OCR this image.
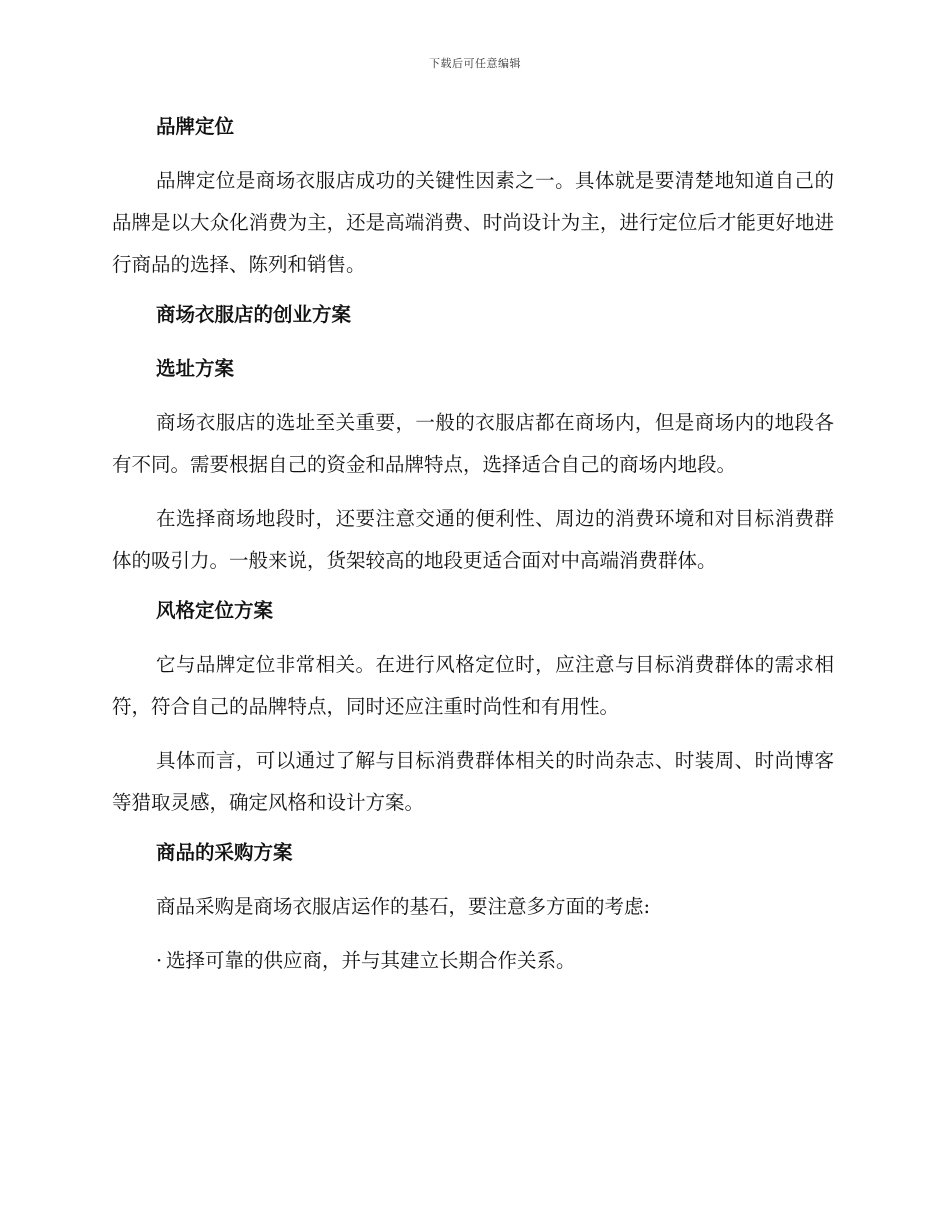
下载后可任意编辑
品牌定位

品牌定位是商场衣服店成功的关键性因素之一。具体就是要清楚地知道自己的品牌是以大众化消费为主，还是高端消费、时尚设计为主，进行定位后才能更好地进行商品的选择、陈列和销售。

商场衣服店的创业方案
选址方案

商场衣服店的选址至关重要，一般的衣服店都在商场内，但是商场内的地段各有不同。需要根据自己的资金和品牌特点，选择适合自己的商场内地段。

在选择商场地段时，还要注意交通的便利性、周边的消费环境和对目标消费群体的吸引力。一般来说，货架较高的地段更适合面对中高端消费群体。

风格定位方案

它与品牌定位非常相关。在进行风格定位时，应注意与目标消费群体的需求相符，符合自己的品牌特点，同时还应注重时尚性和有用性。

具体而言，可以通过了解与目标消费群体相关的时尚杂志、时装周、时尚博客等猎取灵感，确定风格和设计方案。

商品的采购方案

商品采购是商场衣服店运作的基石，要注意多方面的考虑:

· 选择可靠的供应商，并与其建立长期合作关系。
